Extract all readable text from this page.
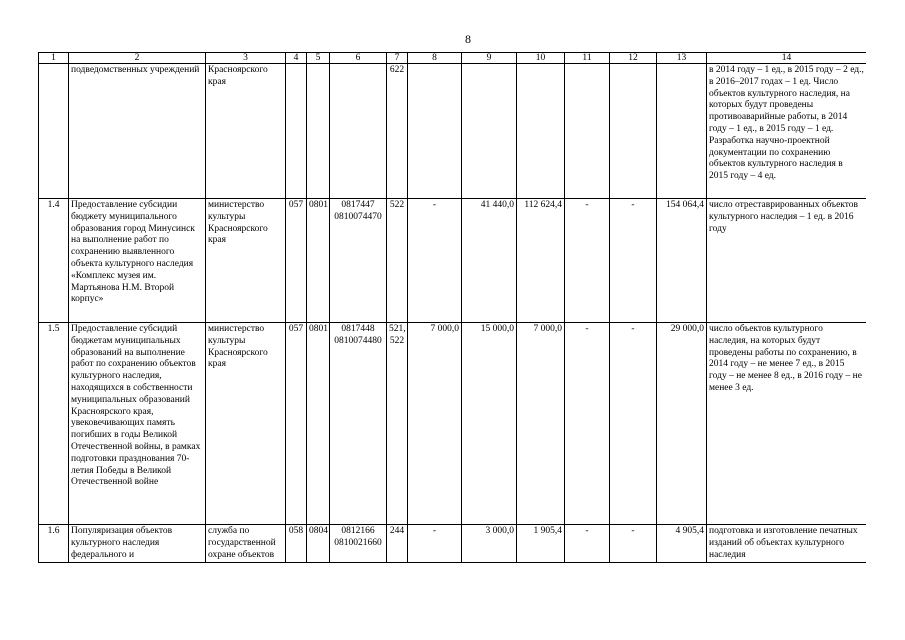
8
1	2	3	4	5	6	7	8	9	10	11	12	13	14
	подведомственных учреждений	Красноярского края				622							в 2014 году – 1 ед., в 2015 году – 2 ед., в 2016–2017 годах – 1 ед. Число объектов культурного наследия, на которых будут проведены противоаварийные работы, в 2014 году – 1 ед., в 2015 году – 1 ед. Разработка научно-проектной документации по сохранению объектов культурного наследия в 2015 году – 4 ед.
1.4	Предоставление субсидии бюджету муниципального образования город Минусинск на выполнение работ по сохранению выявленного объекта культурного наследия «Комплекс музея им. Мартьянова Н.М. Второй корпус»	министерство культуры Красноярского края	057	0801	0817447 0810074470	522	-	41 440,0	112 624,4	-	-	154 064,4	число отреставрированных объектов культурного наследия – 1 ед. в 2016 году
1.5	Предоставление субсидий бюджетам муниципальных образований на выполнение работ по сохранению объектов культурного наследия, находящихся в собственности муниципальных образований Красноярского края, увековечивающих память погибших в годы Великой Отечественной войны, в рамках подготовки празднования 70-летия Победы в Великой Отечественной войне	министерство культуры Красноярского края	057	0801	0817448 0810074480	521, 522	7 000,0	15 000,0	7 000,0	-	-	29 000,0	число объектов культурного наследия, на которых будут проведены работы по сохранению, в 2014 году – не менее 7 ед., в 2015 году – не менее 8 ед., в 2016 году – не менее 3 ед.
1.6	Популяризация объектов культурного наследия федерального и	служба по государственной охране объектов	058	0804	0812166 0810021660	244	-	3 000,0	1 905,4	-	-	4 905,4	подготовка и изготовление печатных изданий об объектах культурного наследия
